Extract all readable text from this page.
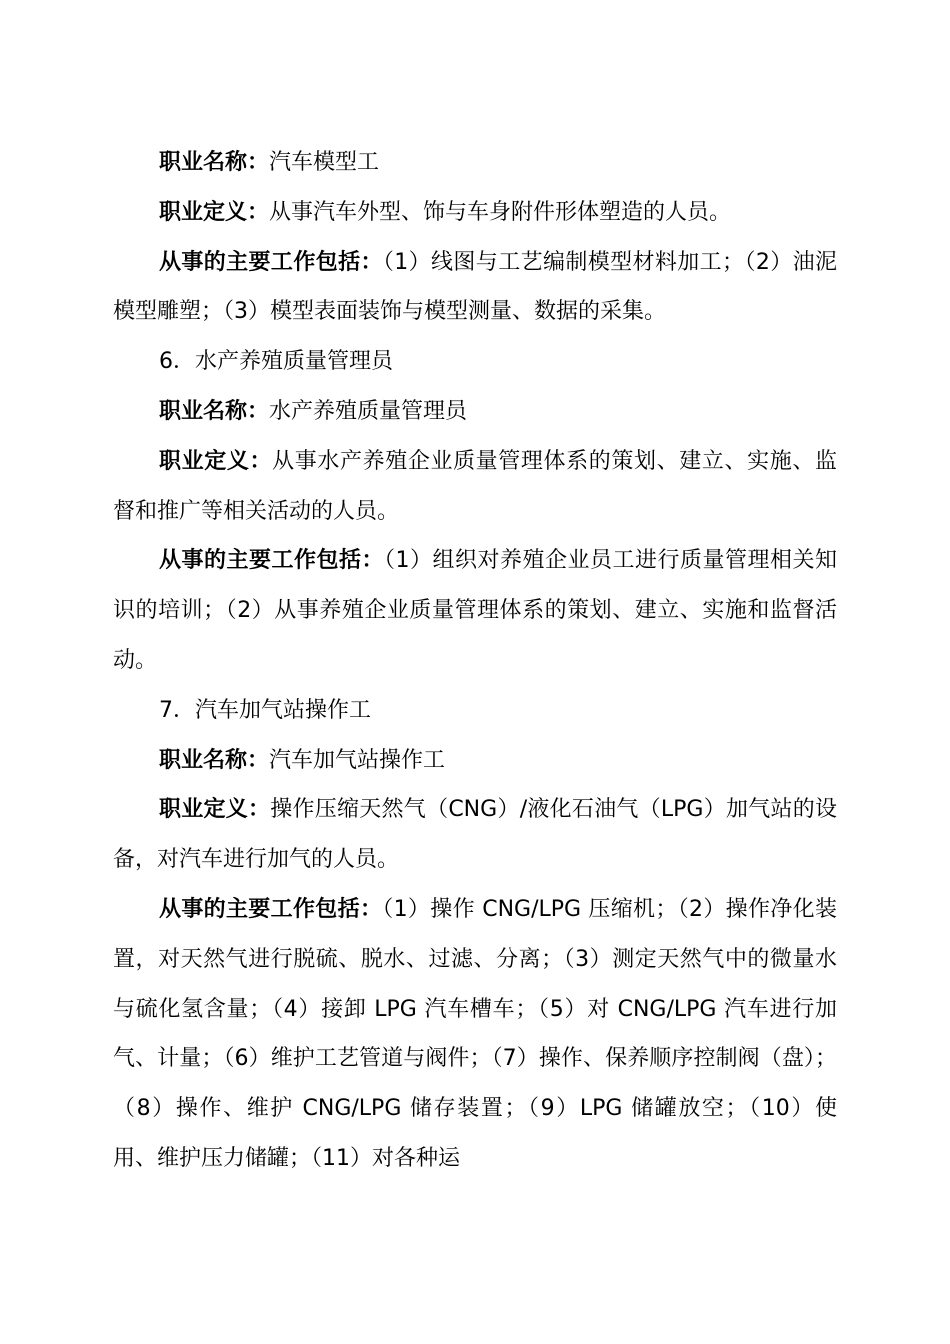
职业名称：汽车模型工

职业定义：从事汽车外型、饰与车身附件形体塑造的人员。

从事的主要工作包括：（1）线图与工艺编制模型材料加工；（2）油泥模型雕塑；（3）模型表面装饰与模型测量、数据的采集。

6．水产养殖质量管理员

职业名称：水产养殖质量管理员

职业定义：从事水产养殖企业质量管理体系的策划、建立、实施、监督和推广等相关活动的人员。

从事的主要工作包括：（1）组织对养殖企业员工进行质量管理相关知识的培训；（2）从事养殖企业质量管理体系的策划、建立、实施和监督活动。

7．汽车加气站操作工

职业名称：汽车加气站操作工

职业定义：操作压缩天然气（CNG）/液化石油气（LPG）加气站的设备，对汽车进行加气的人员。

从事的主要工作包括：（1）操作 CNG/LPG 压缩机；（2）操作净化装置，对天然气进行脱硫、脱水、过滤、分离；（3）测定天然气中的微量水与硫化氢含量；（4）接卸 LPG 汽车槽车；（5）对 CNG/LPG 汽车进行加气、计量；（6）维护工艺管道与阀件；（7）操作、保养顺序控制阀（盘）；（8）操作、维护 CNG/LPG 储存装置；（9）LPG 储罐放空；（10）使用、维护压力储罐；（11）对各种运
